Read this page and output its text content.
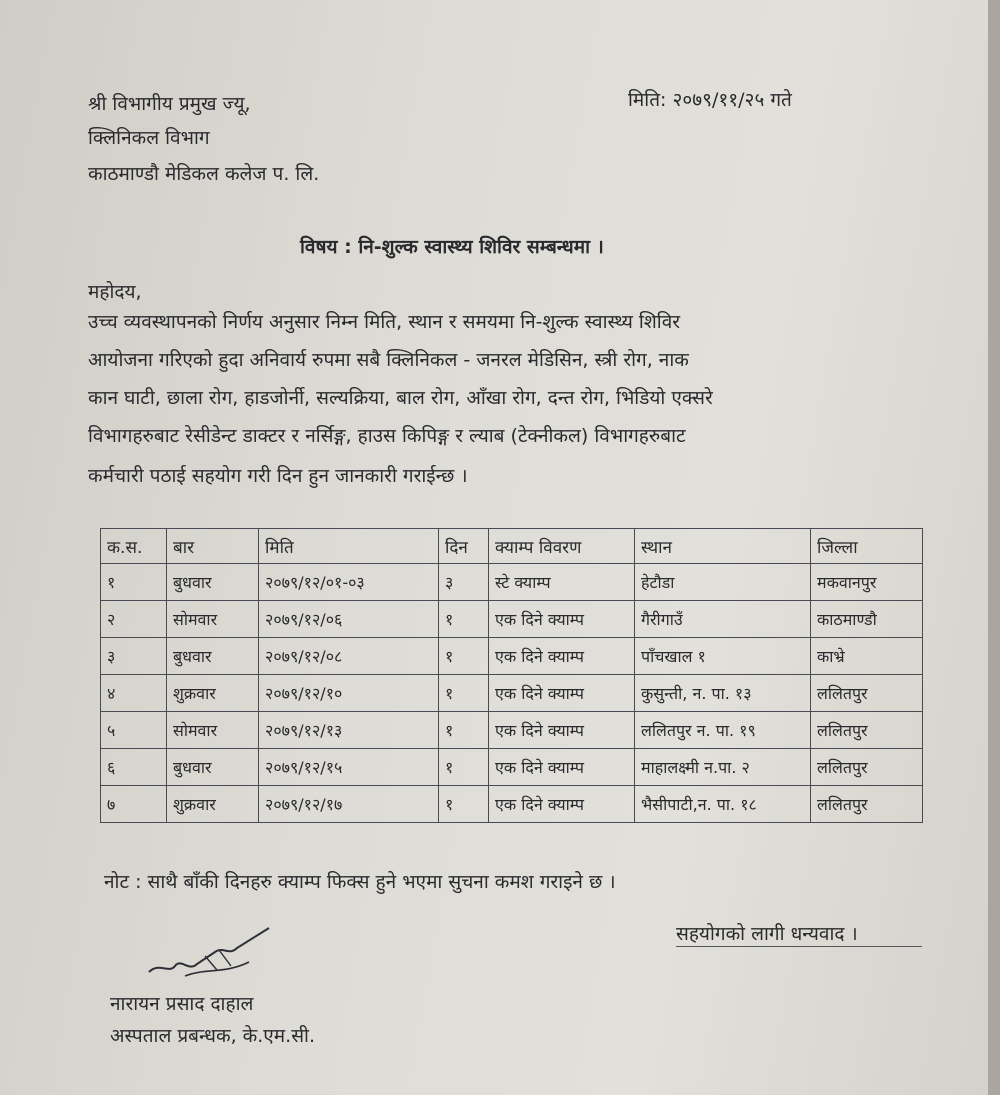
श्री विभागीय प्रमुख ज्यू,
क्लिनिकल विभाग
काठमाण्डौ मेडिकल कलेज प. लि.
मिति: २०७९/११/२५ गते
विषय : नि-शुल्क स्वास्थ्य शिविर सम्बन्धमा ।
महोदय,
उच्च व्यवस्थापनको निर्णय अनुसार निम्न मिति, स्थान र समयमा नि-शुल्क स्वास्थ्य शिविर
आयोजना गरिएको हुदा अनिवार्य रुपमा सबै क्लिनिकल - जनरल मेडिसिन, स्त्री रोग, नाक
कान घाटी, छाला रोग, हाडजोर्नी, सल्यक्रिया, बाल रोग, आँखा रोग, दन्त रोग, भिडियो एक्सरे
विभागहरुबाट रेसीडेन्ट डाक्टर र नर्सिङ्ग, हाउस किपिङ्ग र ल्याब (टेक्नीकल) विभागहरुबाट
कर्मचारी पठाई सहयोग गरी दिन हुन जानकारी गराईन्छ ।
क.स.	बार	मिति	दिन	क्याम्प विवरण	स्थान	जिल्ला
१	बुधवार	२०७९/१२/०१-०३	३	स्टे क्याम्प	हेटौडा	मकवानपुर
२	सोमवार	२०७९/१२/०६	१	एक दिने क्याम्प	गैरीगाउँ	काठमाण्डौ
३	बुधवार	२०७९/१२/०८	१	एक दिने क्याम्प	पाँचखाल १	काभ्रे
४	शुक्रवार	२०७९/१२/१०	१	एक दिने क्याम्प	कुसुन्ती, न. पा. १३	ललितपुर
५	सोमवार	२०७९/१२/१३	१	एक दिने क्याम्प	ललितपुर न. पा. १९	ललितपुर
६	बुधवार	२०७९/१२/१५	१	एक दिने क्याम्प	माहालक्ष्मी न.पा. २	ललितपुर
७	शुक्रवार	२०७९/१२/१७	१	एक दिने क्याम्प	भैसीपाटी,न. पा. १८	ललितपुर
नोट : साथै बाँकी दिनहरु क्याम्प फिक्स हुने भएमा सुचना कमश गराइने छ ।
सहयोगको लागी धन्यवाद ।
नारायन प्रसाद दाहाल
अस्पताल प्रबन्धक, के.एम.सी.
